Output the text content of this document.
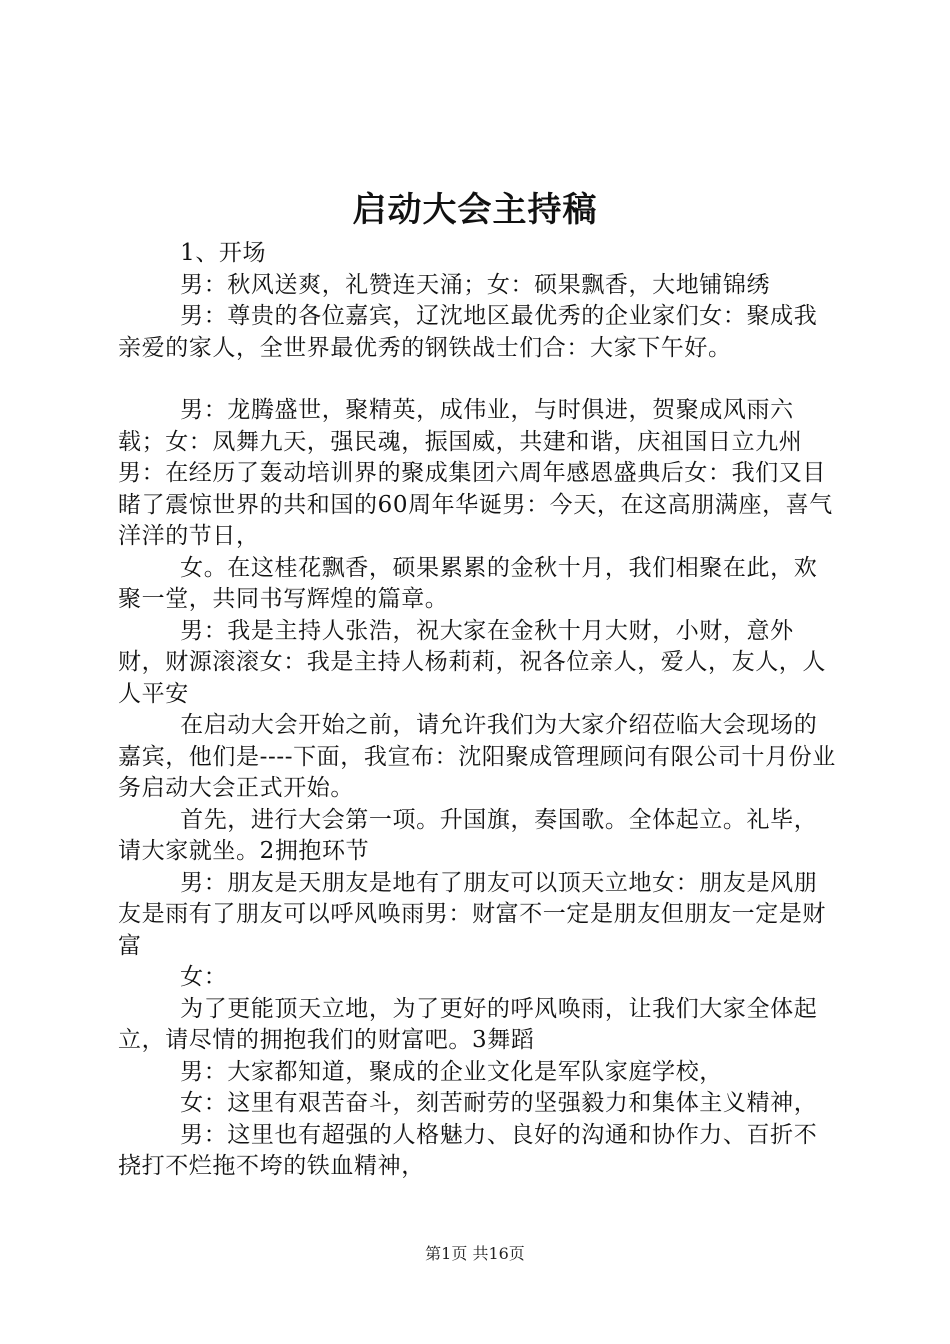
启动大会主持稿

1、开场

男：秋风送爽，礼赞连天涌；女：硕果飘香，大地铺锦绣

男：尊贵的各位嘉宾，辽沈地区最优秀的企业家们女：聚成我亲爱的家人，全世界最优秀的钢铁战士们合：大家下午好。

男：龙腾盛世，聚精英，成伟业，与时俱进，贺聚成风雨六载；女：凤舞九天，强民魂，振国威，共建和谐，庆祖国日立九州男：在经历了轰动培训界的聚成集团六周年感恩盛典后女：我们又目睹了震惊世界的共和国的60周年华诞男：今天，在这高朋满座，喜气洋洋的节日，

女。在这桂花飘香，硕果累累的金秋十月，我们相聚在此，欢聚一堂，共同书写辉煌的篇章。

男：我是主持人张浩，祝大家在金秋十月大财，小财，意外财，财源滚滚女：我是主持人杨莉莉，祝各位亲人，爱人，友人，人人平安

在启动大会开始之前，请允许我们为大家介绍莅临大会现场的嘉宾，他们是----下面，我宣布：沈阳聚成管理顾问有限公司十月份业务启动大会正式开始。

首先，进行大会第一项。升国旗，奏国歌。全体起立。礼毕，请大家就坐。2拥抱环节

男：朋友是天朋友是地有了朋友可以顶天立地女：朋友是风朋友是雨有了朋友可以呼风唤雨男：财富不一定是朋友但朋友一定是财富

女：

为了更能顶天立地，为了更好的呼风唤雨，让我们大家全体起立，请尽情的拥抱我们的财富吧。3舞蹈

男：大家都知道，聚成的企业文化是军队家庭学校，

女：这里有艰苦奋斗，刻苦耐劳的坚强毅力和集体主义精神，

男：这里也有超强的人格魅力、良好的沟通和协作力、百折不挠打不烂拖不垮的铁血精神，

第1页 共16页
